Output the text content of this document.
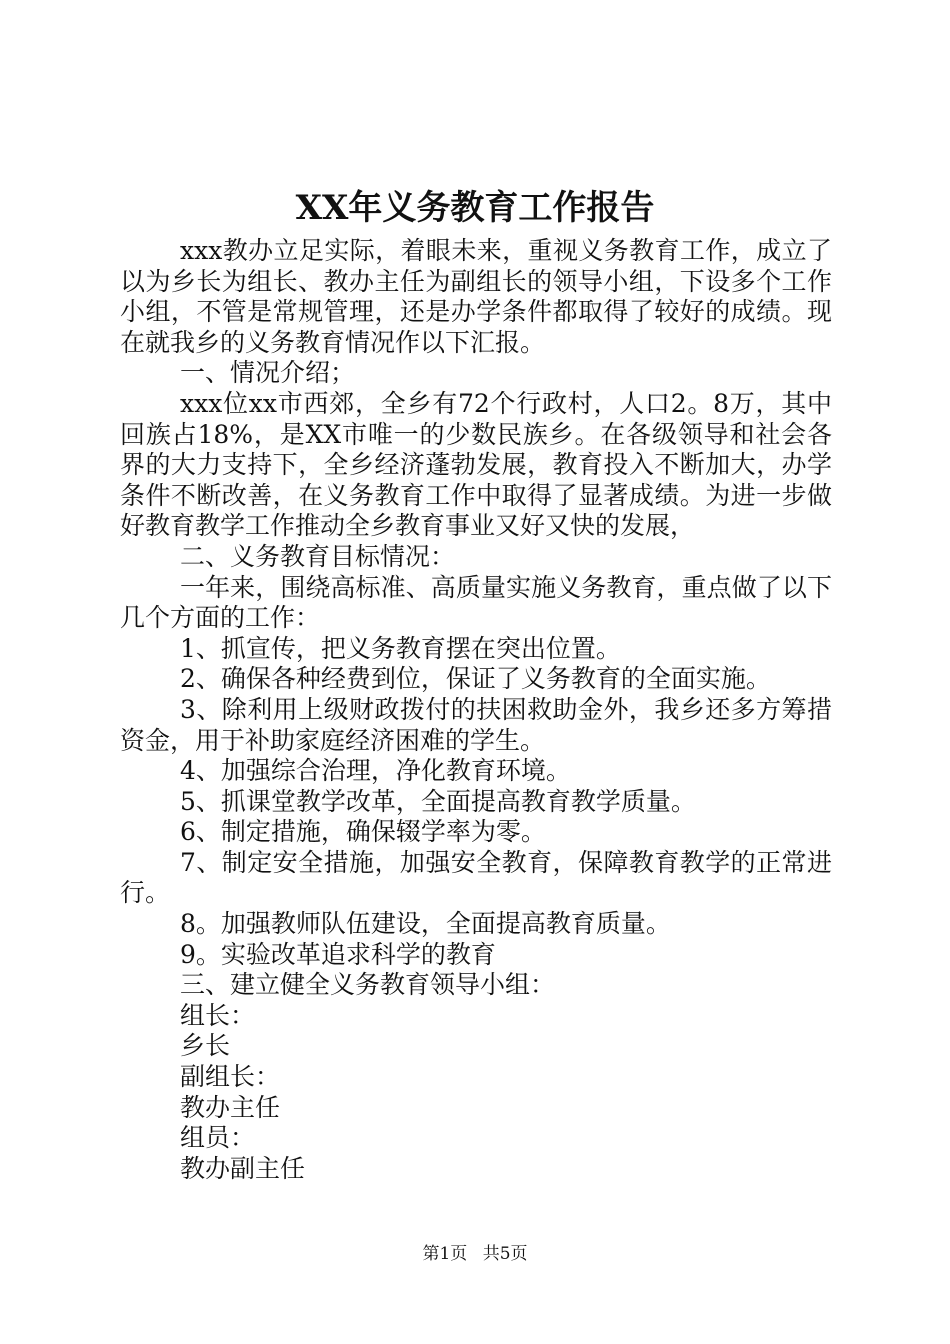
XX年义务教育工作报告

xxx教办立足实际，着眼未来，重视义务教育工作，成立了以为乡长为组长、教办主任为副组长的领导小组，下设多个工作小组，不管是常规管理，还是办学条件都取得了较好的成绩。现在就我乡的义务教育情况作以下汇报。

一、情况介绍；

xxx位xx市西郊，全乡有72个行政村，人口2。8万，其中回族占18%，是XX市唯一的少数民族乡。在各级领导和社会各界的大力支持下，全乡经济蓬勃发展，教育投入不断加大，办学条件不断改善，在义务教育工作中取得了显著成绩。为进一步做好教育教学工作推动全乡教育事业又好又快的发展，

二、义务教育目标情况：

一年来，围绕高标准、高质量实施义务教育，重点做了以下几个方面的工作：

1、抓宣传，把义务教育摆在突出位置。

2、确保各种经费到位，保证了义务教育的全面实施。

3、除利用上级财政拨付的扶困救助金外，我乡还多方筹措资金，用于补助家庭经济困难的学生。

4、加强综合治理，净化教育环境。

5、抓课堂教学改革，全面提高教育教学质量。

6、制定措施，确保辍学率为零。

7、制定安全措施，加强安全教育，保障教育教学的正常进行。

8。加强教师队伍建设，全面提高教育质量。

9。实验改革追求科学的教育

三、建立健全义务教育领导小组：

组长：

乡长

副组长：

教办主任

组员：

教办副主任

第1页 共5页
